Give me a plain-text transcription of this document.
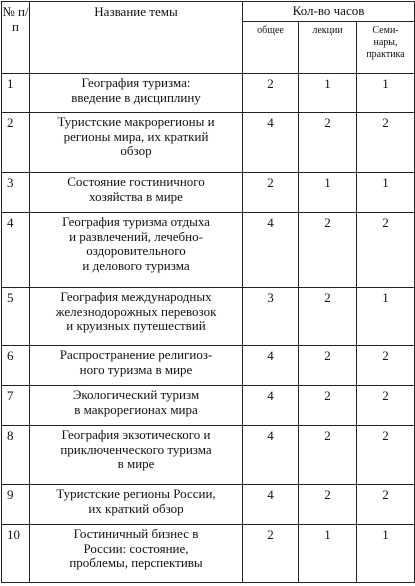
№ п/п	Название темы	Кол-во часов		
		общее	лекции	Семи-
нары,
практика
1	География туризма:
введение в дисциплину	2	1	1
2	Туристские макрорегионы и
регионы мира, их краткий
обзор	4	2	2
3	Состояние гостиничного
хозяйства в мире	2	1	1
4	География туризма отдыха
и развлечений, лечебно-
оздоровительного
и делового туризма	4	2	2
5	География международных
железнодорожных перевозок
и круизных путешествий	3	2	1
6	Распространение религиоз-
ного туризма в мире	4	2	2
7	Экологический туризм
в макрорегионах мира	4	2	2
8	География экзотического и
приключенческого туризма
в мире	4	2	2
9	Туристские регионы России,
их краткий обзор	4	2	2
10	Гостиничный бизнес в
России: состояние,
проблемы, перспективы	2	1	1
